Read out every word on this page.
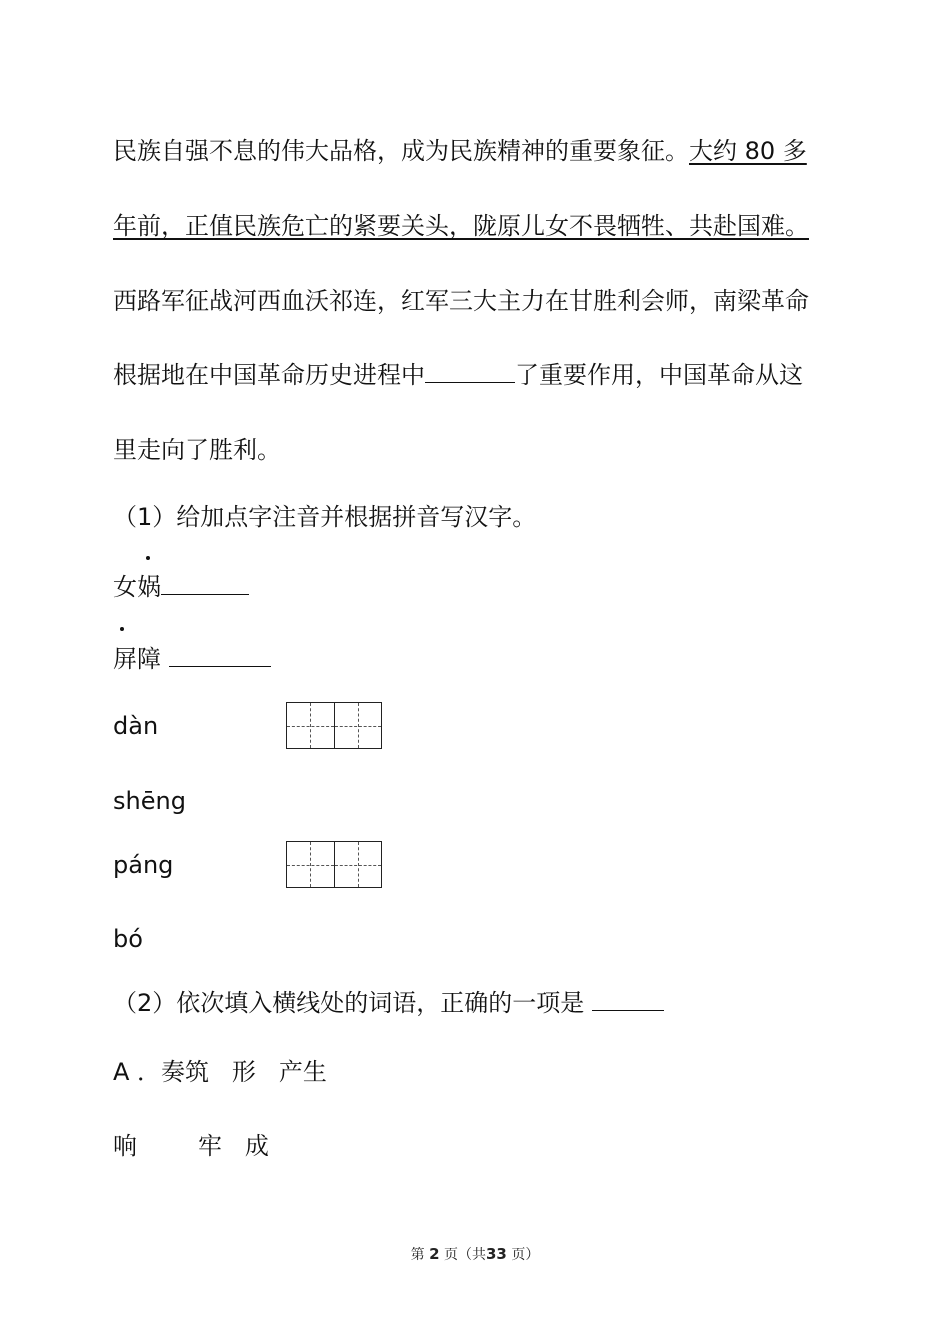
民族自强不息的伟大品格，成为民族精神的重要象征。大约 80 多
年前，正值民族危亡的紧要关头，陇原儿女不畏牺牲、共赴国难。
西路军征战河西血沃祁连，红军三大主力在甘胜利会师，南梁革命
根据地在中国革命历史进程中	了重要作用，中国革命从这
里走向了胜利。
（1）给加点字注音并根据拼音写汉字。
女娲
屏障
dàn
shēng
páng
bó
（2）依次填入横线处的词语，正确的一项是
A ．奏筑   形   产生
响        牢   成
第 2 页（共33 页）
